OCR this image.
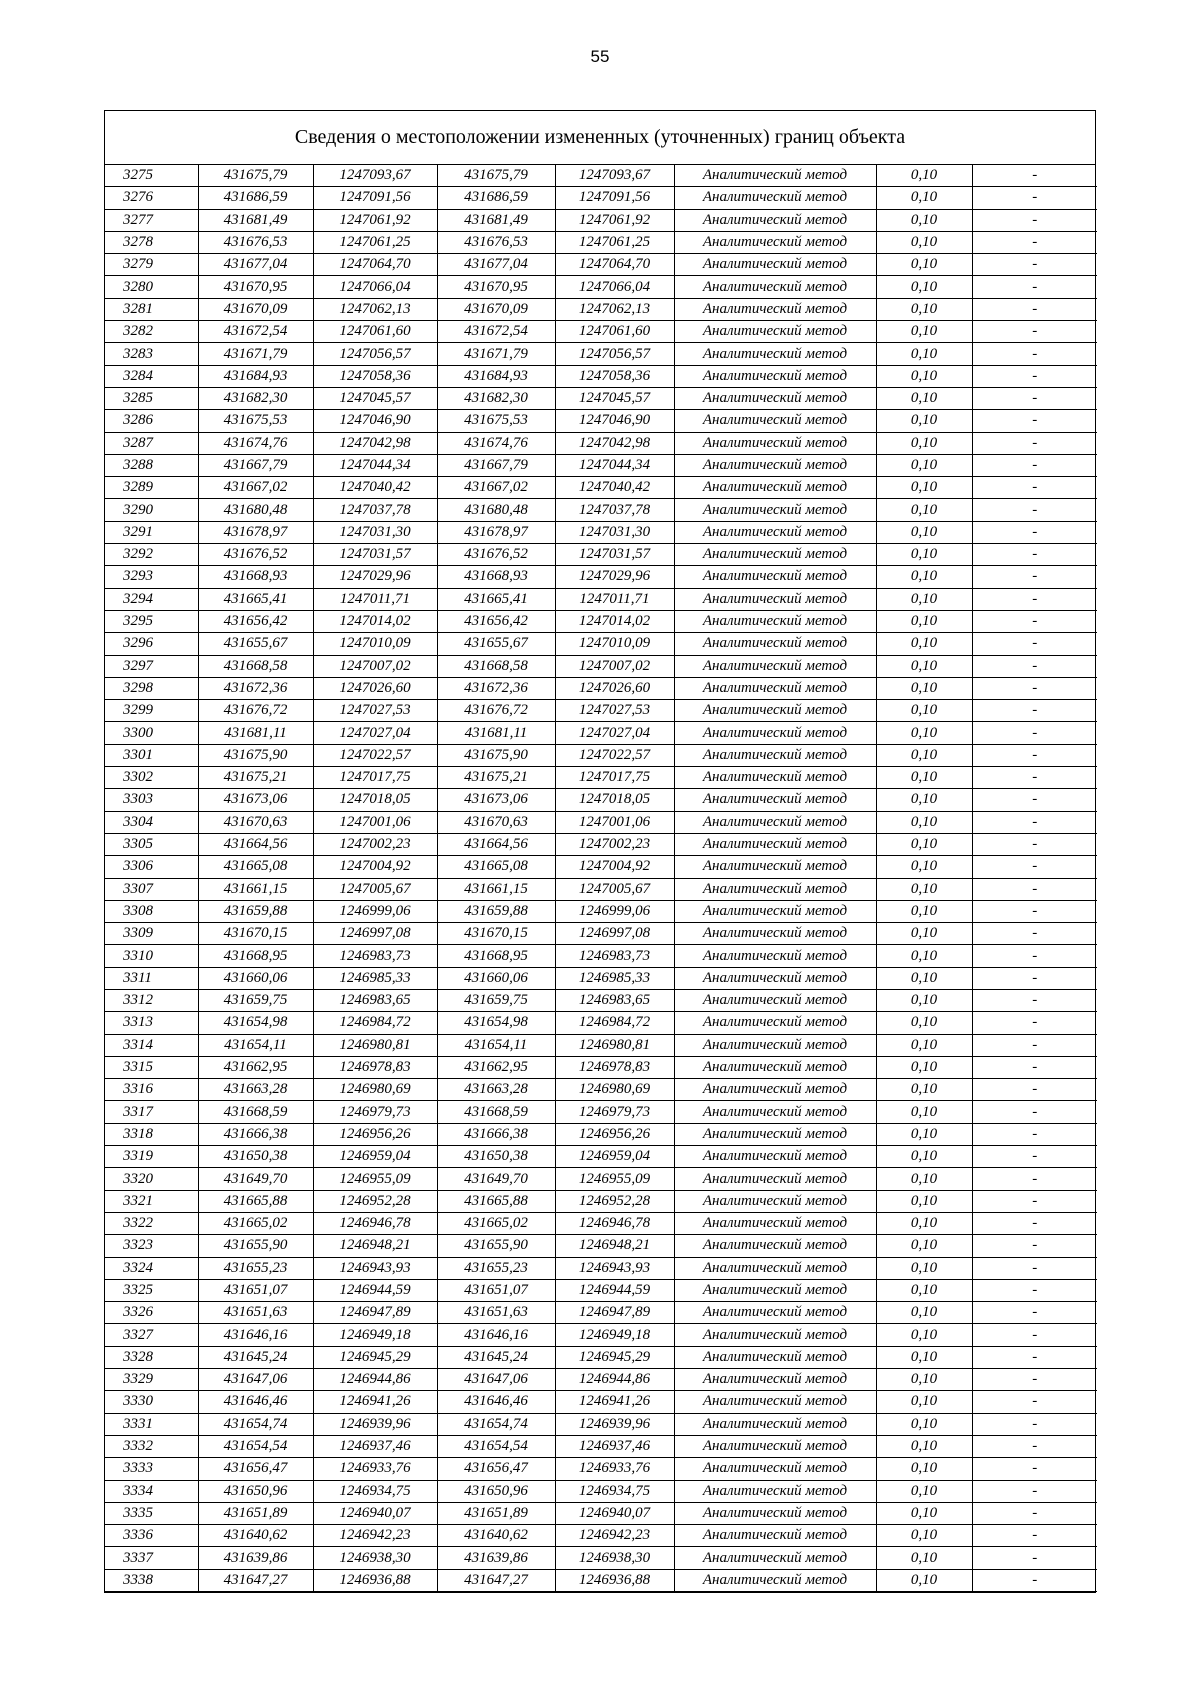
55
Сведения о местоположении измененных (уточненных) границ объекта
3275	431675,79	1247093,67	431675,79	1247093,67	Аналитический метод	0,10	-
3276	431686,59	1247091,56	431686,59	1247091,56	Аналитический метод	0,10	-
3277	431681,49	1247061,92	431681,49	1247061,92	Аналитический метод	0,10	-
3278	431676,53	1247061,25	431676,53	1247061,25	Аналитический метод	0,10	-
3279	431677,04	1247064,70	431677,04	1247064,70	Аналитический метод	0,10	-
3280	431670,95	1247066,04	431670,95	1247066,04	Аналитический метод	0,10	-
3281	431670,09	1247062,13	431670,09	1247062,13	Аналитический метод	0,10	-
3282	431672,54	1247061,60	431672,54	1247061,60	Аналитический метод	0,10	-
3283	431671,79	1247056,57	431671,79	1247056,57	Аналитический метод	0,10	-
3284	431684,93	1247058,36	431684,93	1247058,36	Аналитический метод	0,10	-
3285	431682,30	1247045,57	431682,30	1247045,57	Аналитический метод	0,10	-
3286	431675,53	1247046,90	431675,53	1247046,90	Аналитический метод	0,10	-
3287	431674,76	1247042,98	431674,76	1247042,98	Аналитический метод	0,10	-
3288	431667,79	1247044,34	431667,79	1247044,34	Аналитический метод	0,10	-
3289	431667,02	1247040,42	431667,02	1247040,42	Аналитический метод	0,10	-
3290	431680,48	1247037,78	431680,48	1247037,78	Аналитический метод	0,10	-
3291	431678,97	1247031,30	431678,97	1247031,30	Аналитический метод	0,10	-
3292	431676,52	1247031,57	431676,52	1247031,57	Аналитический метод	0,10	-
3293	431668,93	1247029,96	431668,93	1247029,96	Аналитический метод	0,10	-
3294	431665,41	1247011,71	431665,41	1247011,71	Аналитический метод	0,10	-
3295	431656,42	1247014,02	431656,42	1247014,02	Аналитический метод	0,10	-
3296	431655,67	1247010,09	431655,67	1247010,09	Аналитический метод	0,10	-
3297	431668,58	1247007,02	431668,58	1247007,02	Аналитический метод	0,10	-
3298	431672,36	1247026,60	431672,36	1247026,60	Аналитический метод	0,10	-
3299	431676,72	1247027,53	431676,72	1247027,53	Аналитический метод	0,10	-
3300	431681,11	1247027,04	431681,11	1247027,04	Аналитический метод	0,10	-
3301	431675,90	1247022,57	431675,90	1247022,57	Аналитический метод	0,10	-
3302	431675,21	1247017,75	431675,21	1247017,75	Аналитический метод	0,10	-
3303	431673,06	1247018,05	431673,06	1247018,05	Аналитический метод	0,10	-
3304	431670,63	1247001,06	431670,63	1247001,06	Аналитический метод	0,10	-
3305	431664,56	1247002,23	431664,56	1247002,23	Аналитический метод	0,10	-
3306	431665,08	1247004,92	431665,08	1247004,92	Аналитический метод	0,10	-
3307	431661,15	1247005,67	431661,15	1247005,67	Аналитический метод	0,10	-
3308	431659,88	1246999,06	431659,88	1246999,06	Аналитический метод	0,10	-
3309	431670,15	1246997,08	431670,15	1246997,08	Аналитический метод	0,10	-
3310	431668,95	1246983,73	431668,95	1246983,73	Аналитический метод	0,10	-
3311	431660,06	1246985,33	431660,06	1246985,33	Аналитический метод	0,10	-
3312	431659,75	1246983,65	431659,75	1246983,65	Аналитический метод	0,10	-
3313	431654,98	1246984,72	431654,98	1246984,72	Аналитический метод	0,10	-
3314	431654,11	1246980,81	431654,11	1246980,81	Аналитический метод	0,10	-
3315	431662,95	1246978,83	431662,95	1246978,83	Аналитический метод	0,10	-
3316	431663,28	1246980,69	431663,28	1246980,69	Аналитический метод	0,10	-
3317	431668,59	1246979,73	431668,59	1246979,73	Аналитический метод	0,10	-
3318	431666,38	1246956,26	431666,38	1246956,26	Аналитический метод	0,10	-
3319	431650,38	1246959,04	431650,38	1246959,04	Аналитический метод	0,10	-
3320	431649,70	1246955,09	431649,70	1246955,09	Аналитический метод	0,10	-
3321	431665,88	1246952,28	431665,88	1246952,28	Аналитический метод	0,10	-
3322	431665,02	1246946,78	431665,02	1246946,78	Аналитический метод	0,10	-
3323	431655,90	1246948,21	431655,90	1246948,21	Аналитический метод	0,10	-
3324	431655,23	1246943,93	431655,23	1246943,93	Аналитический метод	0,10	-
3325	431651,07	1246944,59	431651,07	1246944,59	Аналитический метод	0,10	-
3326	431651,63	1246947,89	431651,63	1246947,89	Аналитический метод	0,10	-
3327	431646,16	1246949,18	431646,16	1246949,18	Аналитический метод	0,10	-
3328	431645,24	1246945,29	431645,24	1246945,29	Аналитический метод	0,10	-
3329	431647,06	1246944,86	431647,06	1246944,86	Аналитический метод	0,10	-
3330	431646,46	1246941,26	431646,46	1246941,26	Аналитический метод	0,10	-
3331	431654,74	1246939,96	431654,74	1246939,96	Аналитический метод	0,10	-
3332	431654,54	1246937,46	431654,54	1246937,46	Аналитический метод	0,10	-
3333	431656,47	1246933,76	431656,47	1246933,76	Аналитический метод	0,10	-
3334	431650,96	1246934,75	431650,96	1246934,75	Аналитический метод	0,10	-
3335	431651,89	1246940,07	431651,89	1246940,07	Аналитический метод	0,10	-
3336	431640,62	1246942,23	431640,62	1246942,23	Аналитический метод	0,10	-
3337	431639,86	1246938,30	431639,86	1246938,30	Аналитический метод	0,10	-
3338	431647,27	1246936,88	431647,27	1246936,88	Аналитический метод	0,10	-
